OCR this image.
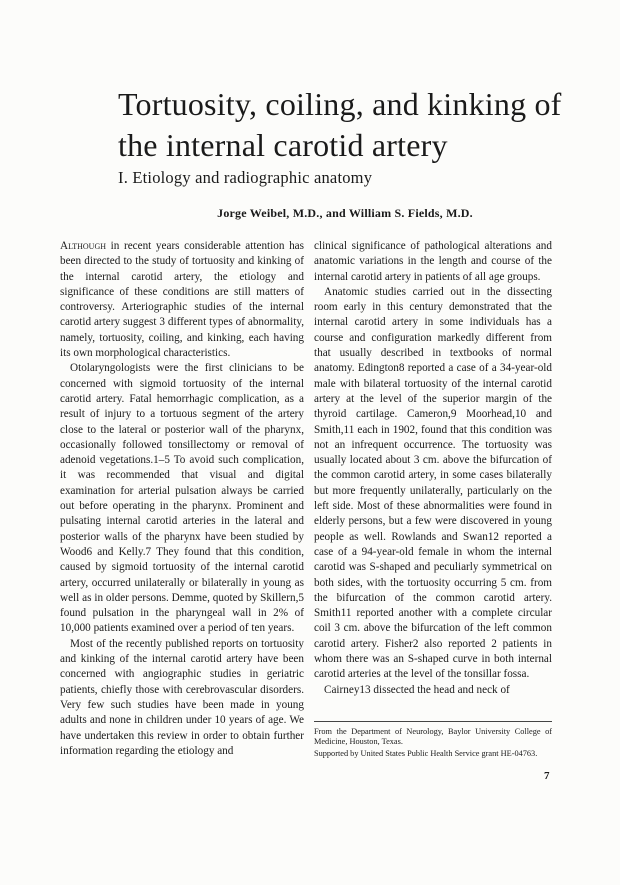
Tortuosity, coiling, and kinking of
the internal carotid artery
I. Etiology and radiographic anatomy
Jorge Weibel, M.D., and William S. Fields, M.D.

Although in recent years considerable attention has been directed to the study of tortuosity and kinking of the internal carotid artery, the etiology and significance of these conditions are still matters of controversy. Arteriographic studies of the internal carotid artery suggest 3 different types of abnormality, namely, tortuosity, coiling, and kinking, each having its own morphological characteristics.

Otolaryngologists were the first clinicians to be concerned with sigmoid tortuosity of the internal carotid artery. Fatal hemorrhagic complication, as a result of injury to a tortuous segment of the artery close to the lateral or posterior wall of the pharynx, occasionally followed tonsillectomy or removal of adenoid vegetations.1–5 To avoid such complication, it was recommended that visual and digital examination for arterial pulsation always be carried out before operating in the pharynx. Prominent and pulsating internal carotid arteries in the lateral and posterior walls of the pharynx have been studied by Wood6 and Kelly.7 They found that this condition, caused by sigmoid tortuosity of the internal carotid artery, occurred unilaterally or bilaterally in young as well as in older persons. Demme, quoted by Skillern,5 found pulsation in the pharyngeal wall in 2% of 10,000 patients examined over a period of ten years.

Most of the recently published reports on tortuosity and kinking of the internal carotid artery have been concerned with angiographic studies in geriatric patients, chiefly those with cerebrovascular disorders. Very few such studies have been made in young adults and none in children under 10 years of age. We have undertaken this review in order to obtain further information regarding the etiology and

clinical significance of pathological alterations and anatomic variations in the length and course of the internal carotid artery in patients of all age groups.

Anatomic studies carried out in the dissecting room early in this century demonstrated that the internal carotid artery in some individuals has a course and configuration markedly different from that usually described in textbooks of normal anatomy. Edington8 reported a case of a 34-year-old male with bilateral tortuosity of the internal carotid artery at the level of the superior margin of the thyroid cartilage. Cameron,9 Moorhead,10 and Smith,11 each in 1902, found that this condition was not an infrequent occurrence. The tortuosity was usually located about 3 cm. above the bifurcation of the common carotid artery, in some cases bilaterally but more frequently unilaterally, particularly on the left side. Most of these abnormalities were found in elderly persons, but a few were discovered in young people as well. Rowlands and Swan12 reported a case of a 94-year-old female in whom the internal carotid was S-shaped and peculiarly symmetrical on both sides, with the tortuosity occurring 5 cm. from the bifurcation of the common carotid artery. Smith11 reported another with a complete circular coil 3 cm. above the bifurcation of the left common carotid artery. Fisher2 also reported 2 patients in whom there was an S-shaped curve in both internal carotid arteries at the level of the tonsillar fossa.

Cairney13 dissected the head and neck of

From the Department of Neurology, Baylor University College of Medicine, Houston, Texas.

Supported by United States Public Health Service grant HE-04763.

7
